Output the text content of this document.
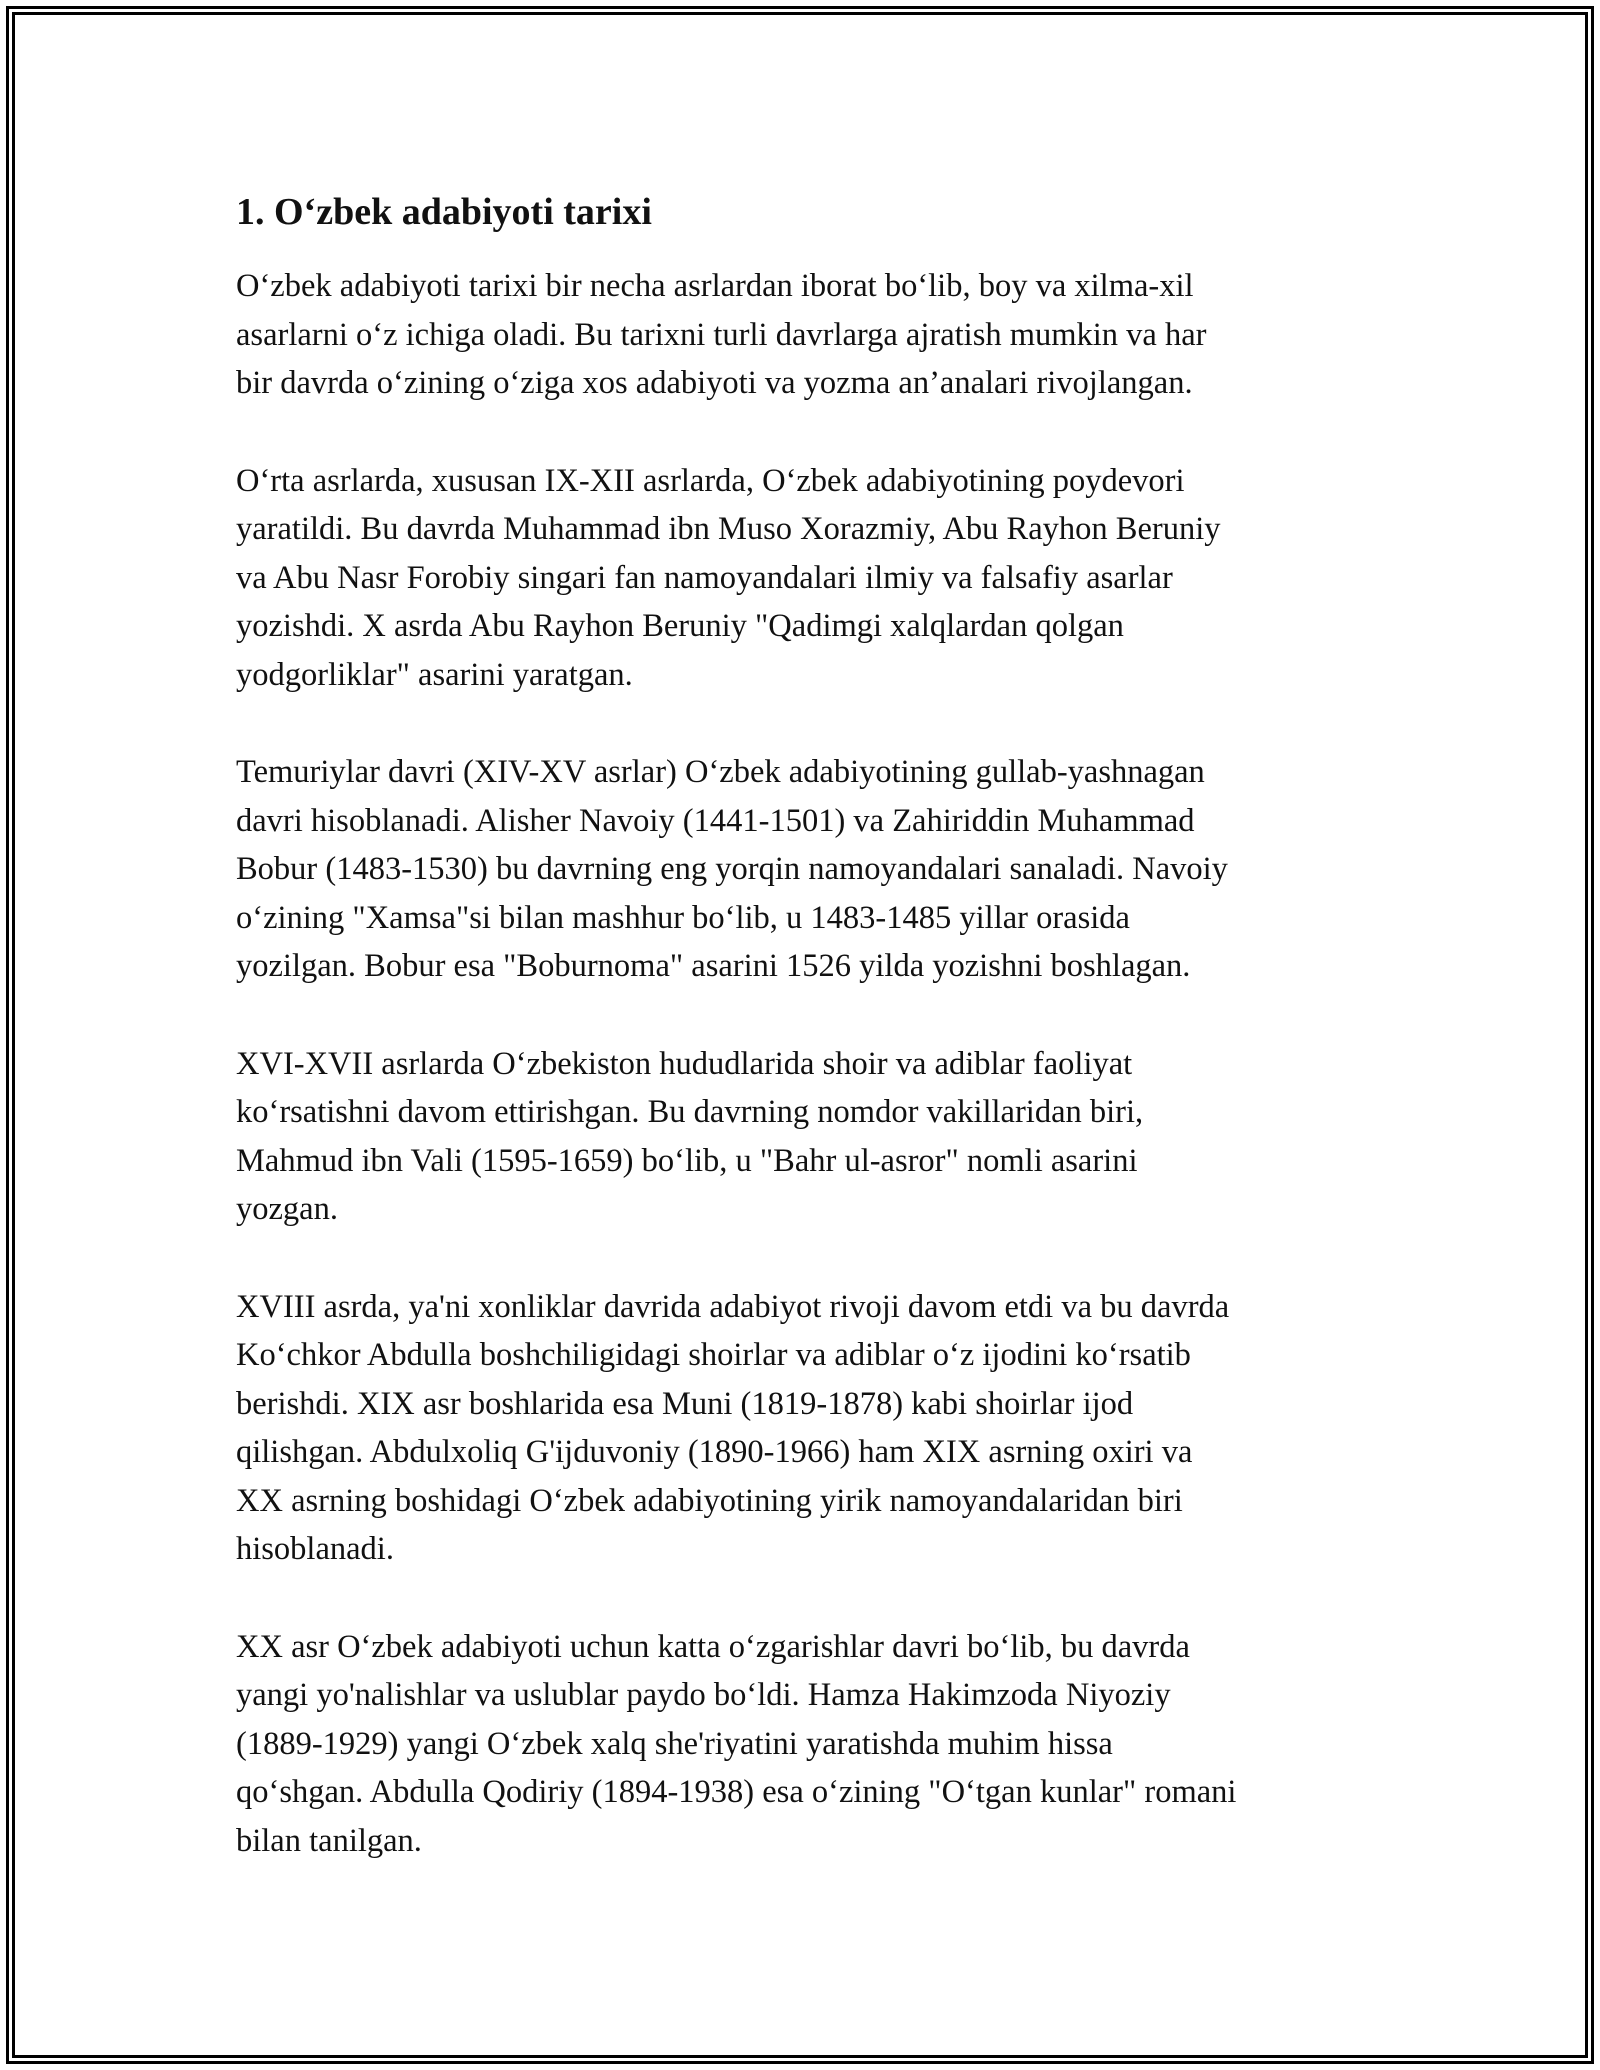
1. O‘zbek adabiyoti tarixi

O‘zbek adabiyoti tarixi bir necha asrlardan iborat bo‘lib, boy va xilma-xil
asarlarni o‘z ichiga oladi. Bu tarixni turli davrlarga ajratish mumkin va har
bir davrda o‘zining o‘ziga xos adabiyoti va yozma an’analari rivojlangan.

O‘rta asrlarda, xususan IX-XII asrlarda, O‘zbek adabiyotining poydevori
yaratildi. Bu davrda Muhammad ibn Muso Xorazmiy, Abu Rayhon Beruniy
va Abu Nasr Forobiy singari fan namoyandalari ilmiy va falsafiy asarlar
yozishdi. X asrda Abu Rayhon Beruniy "Qadimgi xalqlardan qolgan
yodgorliklar" asarini yaratgan.

Temuriylar davri (XIV-XV asrlar) O‘zbek adabiyotining gullab-yashnagan
davri hisoblanadi. Alisher Navoiy (1441-1501) va Zahiriddin Muhammad
Bobur (1483-1530) bu davrning eng yorqin namoyandalari sanaladi. Navoiy
o‘zining "Xamsa"si bilan mashhur bo‘lib, u 1483-1485 yillar orasida
yozilgan. Bobur esa "Boburnoma" asarini 1526 yilda yozishni boshlagan.

XVI-XVII asrlarda O‘zbekiston hududlarida shoir va adiblar faoliyat
ko‘rsatishni davom ettirishgan. Bu davrning nomdor vakillaridan biri,
Mahmud ibn Vali (1595-1659) bo‘lib, u "Bahr ul-asror" nomli asarini
yozgan.

XVIII asrda, ya'ni xonliklar davrida adabiyot rivoji davom etdi va bu davrda
Ko‘chkor Abdulla boshchiligidagi shoirlar va adiblar o‘z ijodini ko‘rsatib
berishdi. XIX asr boshlarida esa Muni (1819-1878) kabi shoirlar ijod
qilishgan. Abdulxoliq G'ijduvoniy (1890-1966) ham XIX asrning oxiri va
XX asrning boshidagi O‘zbek adabiyotining yirik namoyandalaridan biri
hisoblanadi.

XX asr O‘zbek adabiyoti uchun katta o‘zgarishlar davri bo‘lib, bu davrda
yangi yo'nalishlar va uslublar paydo bo‘ldi. Hamza Hakimzoda Niyoziy
(1889-1929) yangi O‘zbek xalq she'riyatini yaratishda muhim hissa
qo‘shgan. Abdulla Qodiriy (1894-1938) esa o‘zining "O‘tgan kunlar" romani
bilan tanilgan.
